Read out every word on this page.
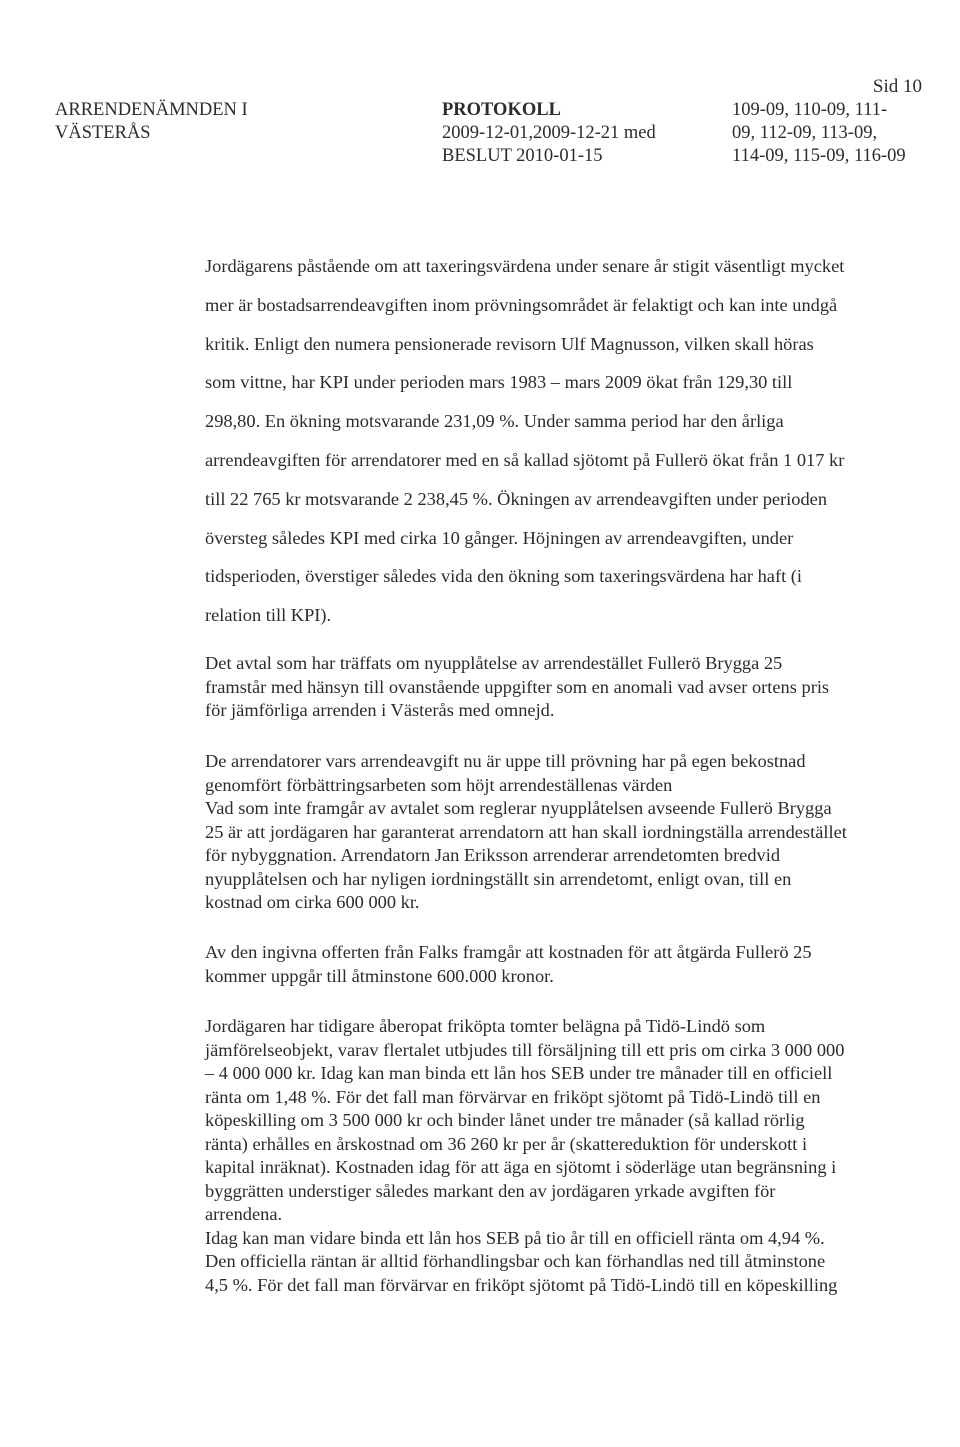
Sid 10
ARRENDENÄMNDEN I
VÄSTERÅS
PROTOKOLL
2009-12-01,2009-12-21 med
BESLUT 2010-01-15
109-09, 110-09, 111-
09, 112-09, 113-09,
114-09, 115-09, 116-09
Jordägarens påstående om att taxeringsvärdena under senare år stigit väsentligt mycket
mer är bostadsarrendeavgiften inom prövningsområdet är felaktigt och kan inte undgå
kritik. Enligt den numera pensionerade revisorn Ulf Magnusson, vilken skall höras
som vittne, har KPI under perioden mars 1983 – mars 2009 ökat från 129,30 till
298,80. En ökning motsvarande 231,09 %. Under samma period har den årliga
arrendeavgiften för arrendatorer med en så kallad sjötomt på Fullerö ökat från 1 017 kr
till 22 765 kr motsvarande 2 238,45 %. Ökningen av arrendeavgiften under perioden
översteg således KPI med cirka 10 gånger. Höjningen av arrendeavgiften, under
tidsperioden, överstiger således vida den ökning som taxeringsvärdena har haft (i
relation till KPI).
Det avtal som har träffats om nyupplåtelse av arrendestället Fullerö Brygga 25
framstår med hänsyn till ovanstående uppgifter som en anomali vad avser ortens pris
för jämförliga arrenden i Västerås med omnejd.
De arrendatorer vars arrendeavgift nu är uppe till prövning har på egen bekostnad
genomfört förbättringsarbeten som höjt arrendeställenas värden
Vad som inte framgår av avtalet som reglerar nyupplåtelsen avseende Fullerö Brygga
25 är att jordägaren har garanterat arrendatorn att han skall iordningställa arrendestället
för nybyggnation. Arrendatorn Jan Eriksson arrenderar arrendetomten bredvid
nyupplåtelsen och har nyligen iordningställt sin arrendetomt, enligt ovan, till en
kostnad om cirka 600 000 kr.
Av den ingivna offerten från Falks framgår att kostnaden för att åtgärda Fullerö 25
kommer uppgår till åtminstone 600.000 kronor.
Jordägaren har tidigare åberopat friköpta tomter belägna på Tidö-Lindö som
jämförelseobjekt, varav flertalet utbjudes till försäljning till ett pris om cirka 3 000 000
– 4 000 000 kr. Idag kan man binda ett lån hos SEB under tre månader till en officiell
ränta om 1,48 %. För det fall man förvärvar en friköpt sjötomt på Tidö-Lindö till en
köpeskilling om 3 500 000 kr och binder lånet under tre månader (så kallad rörlig
ränta) erhålles en årskostnad om 36 260 kr per år (skattereduktion för underskott i
kapital inräknat). Kostnaden idag för att äga en sjötomt i söderläge utan begränsning i
byggrätten understiger således markant den av jordägaren yrkade avgiften för
arrendena.
Idag kan man vidare binda ett lån hos SEB på tio år till en officiell ränta om 4,94 %.
Den officiella räntan är alltid förhandlingsbar och kan förhandlas ned till åtminstone
4,5 %. För det fall man förvärvar en friköpt sjötomt på Tidö-Lindö till en köpeskilling
